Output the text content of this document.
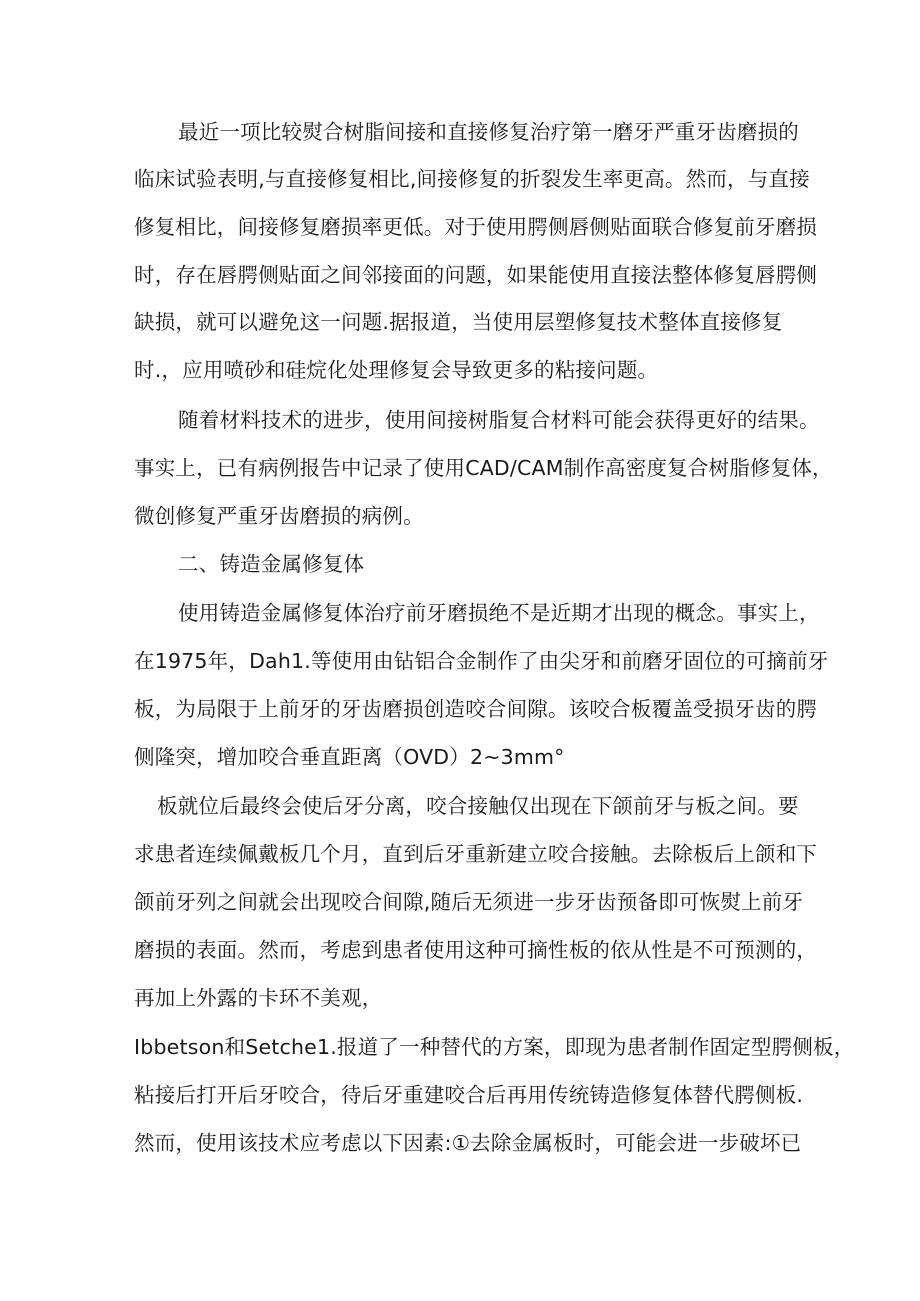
最近一项比较熨合树脂间接和直接修复治疗第一磨牙严重牙齿磨损的
临床试验表明,与直接修复相比,间接修复的折裂发生率更高。然而，与直接
修复相比，间接修复磨损率更低。对于使用腭侧唇侧贴面联合修复前牙磨损
时，存在唇腭侧贴面之间邻接面的问题，如果能使用直接法整体修复唇腭侧
缺损，就可以避免这一问题.据报道，当使用层塑修复技术整体直接修复
时.，应用喷砂和硅烷化处理修复会导致更多的粘接问题。
随着材料技术的进步，使用间接树脂复合材料可能会获得更好的结果。
事实上，已有病例报告中记录了使用CAD/CAM制作高密度复合树脂修复体，
微创修复严重牙齿磨损的病例。
二、铸造金属修复体
使用铸造金属修复体治疗前牙磨损绝不是近期才出现的概念。事实上，
在1975年，Dah1.等使用由钻铝合金制作了由尖牙和前磨牙固位的可摘前牙
板，为局限于上前牙的牙齿磨损创造咬合间隙。该咬合板覆盖受损牙齿的腭
侧隆突，增加咬合垂直距离（OVD）2~3mm°
板就位后最终会使后牙分离，咬合接触仅出现在下颌前牙与板之间。要
求患者连续佩戴板几个月，直到后牙重新建立咬合接触。去除板后上颌和下
颌前牙列之间就会出现咬合间隙,随后无须进一步牙齿预备即可恢熨上前牙
磨损的表面。然而，考虑到患者使用这种可摘性板的依从性是不可预测的，
再加上外露的卡环不美观，
Ibbetson和Setche1.报道了一种替代的方案，即现为患者制作固定型腭侧板，
粘接后打开后牙咬合，待后牙重建咬合后再用传统铸造修复体替代腭侧板.
然而，使用该技术应考虑以下因素:①去除金属板时，可能会进一步破坏已
